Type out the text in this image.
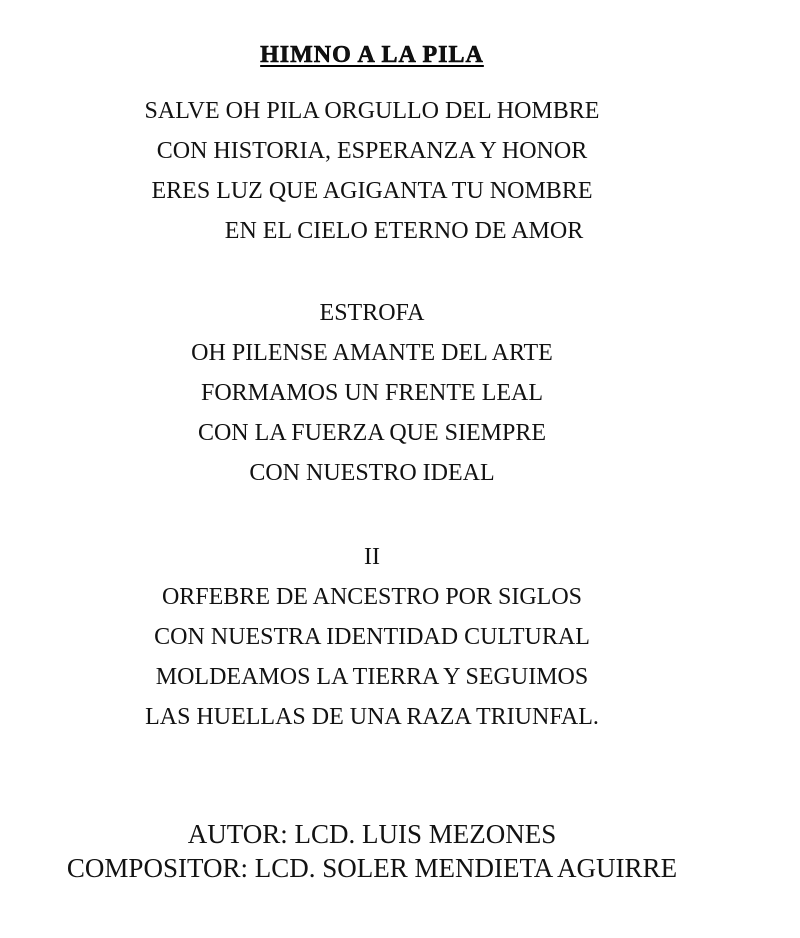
HIMNO A LA PILA
SALVE OH PILA ORGULLO DEL HOMBRE
CON HISTORIA, ESPERANZA Y HONOR
ERES LUZ QUE AGIGANTA TU NOMBRE
EN EL CIELO ETERNO DE AMOR
ESTROFA
OH PILENSE AMANTE DEL ARTE
FORMAMOS UN FRENTE LEAL
CON LA FUERZA QUE SIEMPRE
CON NUESTRO IDEAL
II
ORFEBRE DE ANCESTRO POR SIGLOS
CON NUESTRA IDENTIDAD CULTURAL
MOLDEAMOS LA TIERRA Y SEGUIMOS
LAS HUELLAS DE UNA RAZA TRIUNFAL.
AUTOR: LCD. LUIS MEZONES
COMPOSITOR: LCD. SOLER MENDIETA AGUIRRE
